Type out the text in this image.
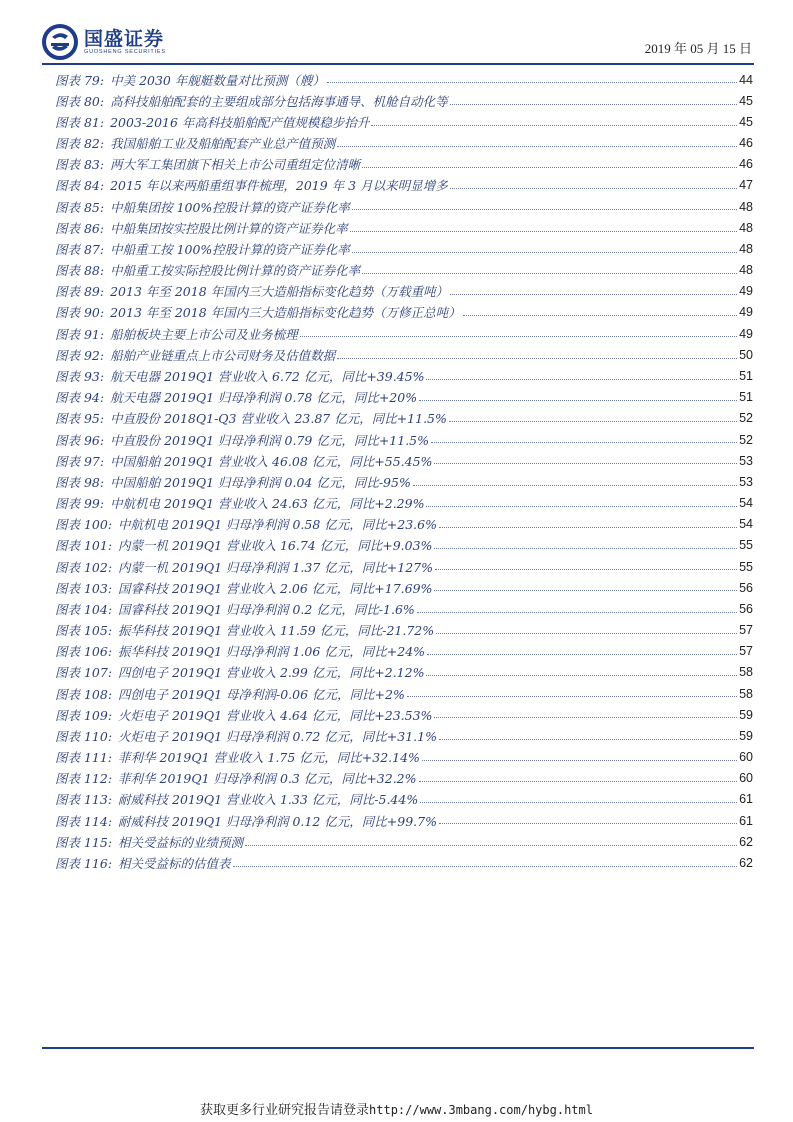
国盛证券
GUOSHENG SECURITIES	2019 年 05 月 15 日
图表 79: 中美 2030 年舰艇数量对比预测（艘）	44
图表 80: 高科技船舶配套的主要组成部分包括海事通导、机舱自动化等	45
图表 81: 2003-2016 年高科技船舶配产值规模稳步抬升	45
图表 82: 我国船舶工业及船舶配套产业总产值预测	46
图表 83: 两大军工集团旗下相关上市公司重组定位清晰	46
图表 84: 2015 年以来两船重组事件梳理，2019 年 3 月以来明显增多	47
图表 85: 中船集团按 100%控股计算的资产证券化率	48
图表 86: 中船集团按实控股比例计算的资产证券化率	48
图表 87: 中船重工按 100%控股计算的资产证券化率	48
图表 88: 中船重工按实际控股比例计算的资产证券化率	48
图表 89: 2013 年至 2018 年国内三大造船指标变化趋势（万载重吨）	49
图表 90: 2013 年至 2018 年国内三大造船指标变化趋势（万修正总吨）	49
图表 91: 船舶板块主要上市公司及业务梳理	49
图表 92: 船舶产业链重点上市公司财务及估值数据	50
图表 93: 航天电器 2019Q1 营业收入 6.72 亿元，同比+39.45%	51
图表 94: 航天电器 2019Q1 归母净利润 0.78 亿元，同比+20%	51
图表 95: 中直股份 2018Q1-Q3 营业收入 23.87 亿元，同比+11.5%	52
图表 96: 中直股份 2019Q1 归母净利润 0.79 亿元，同比+11.5%	52
图表 97: 中国船舶 2019Q1 营业收入 46.08 亿元，同比+55.45%	53
图表 98: 中国船舶 2019Q1 归母净利润 0.04 亿元，同比-95%	53
图表 99: 中航机电 2019Q1 营业收入 24.63 亿元，同比+2.29%	54
图表 100: 中航机电 2019Q1 归母净利润 0.58 亿元，同比+23.6%	54
图表 101: 内蒙一机 2019Q1 营业收入 16.74 亿元，同比+9.03%	55
图表 102: 内蒙一机 2019Q1 归母净利润 1.37 亿元，同比+127%	55
图表 103: 国睿科技 2019Q1 营业收入 2.06 亿元，同比+17.69%	56
图表 104: 国睿科技 2019Q1 归母净利润 0.2 亿元，同比-1.6%	56
图表 105: 振华科技 2019Q1 营业收入 11.59 亿元，同比-21.72%	57
图表 106: 振华科技 2019Q1 归母净利润 1.06 亿元，同比+24%	57
图表 107: 四创电子 2019Q1 营业收入 2.99 亿元，同比+2.12%	58
图表 108: 四创电子 2019Q1 母净利润-0.06 亿元，同比+2%	58
图表 109: 火炬电子 2019Q1 营业收入 4.64 亿元，同比+23.53%	59
图表 110: 火炬电子 2019Q1 归母净利润 0.72 亿元，同比+31.1%	59
图表 111: 菲利华 2019Q1 营业收入 1.75 亿元，同比+32.14%	60
图表 112: 菲利华 2019Q1 归母净利润 0.3 亿元，同比+32.2%	60
图表 113: 耐威科技 2019Q1 营业收入 1.33 亿元，同比-5.44%	61
图表 114: 耐威科技 2019Q1 归母净利润 0.12 亿元，同比+99.7%	61
图表 115: 相关受益标的业绩预测	62
图表 116: 相关受益标的估值表	62
获取更多行业研究报告请登录http://www.3mbang.com/hybg.html
